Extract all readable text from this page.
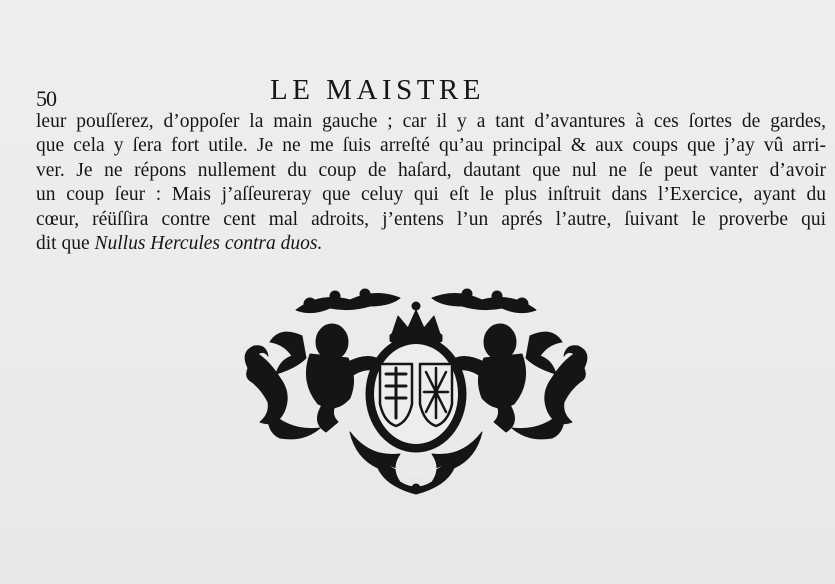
50	LE MAISTRE
leur pouſſerez, d’oppoſer la main gauche ; car il y a tant d’avantures à ces ſortes de gardes,
que cela y ſera fort utile. Je ne me ſuis arreſté qu’au principal & aux coups que j’ay vû arri-
ver. Je ne répons nullement du coup de haſard, dautant que nul ne ſe peut vanter d’avoir
un coup ſeur : Mais j’aſſeureray que celuy qui eſt le plus inſtruit dans l’Exercice, ayant du
cœur, réüſſira contre cent mal adroits, j’entens l’un aprés l’autre, ſuivant le proverbe qui
dit que Nullus Hercules contra duos.
